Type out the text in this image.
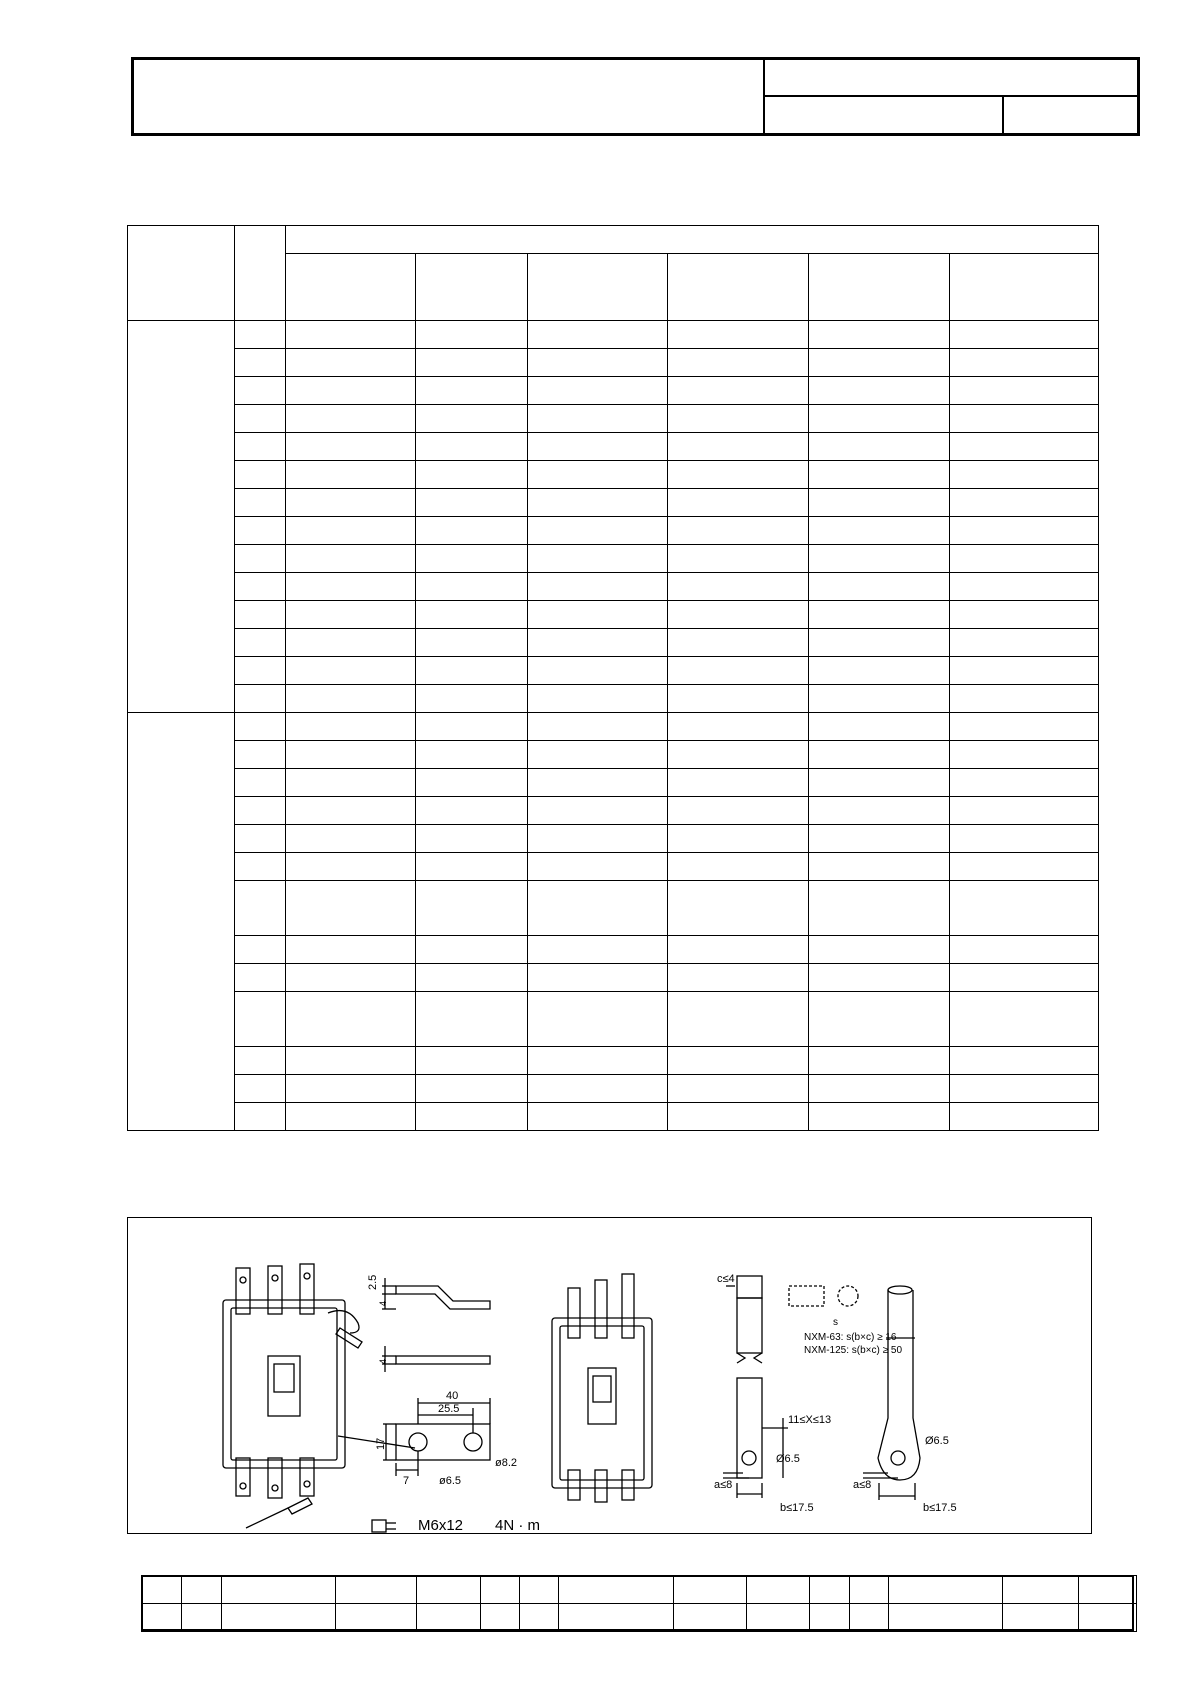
2.5
4
4
40
25.5
17
7	ø6.5
ø8.2
c≤4
s
NXM-63: s(b×c) ≥ 16
NXM-125: s(b×c) ≥ 50
11≤X≤13
Ø6.5
a≤8
b≤17.5
Ø6.5
a≤8
b≤17.5
M6x12 4N · m
